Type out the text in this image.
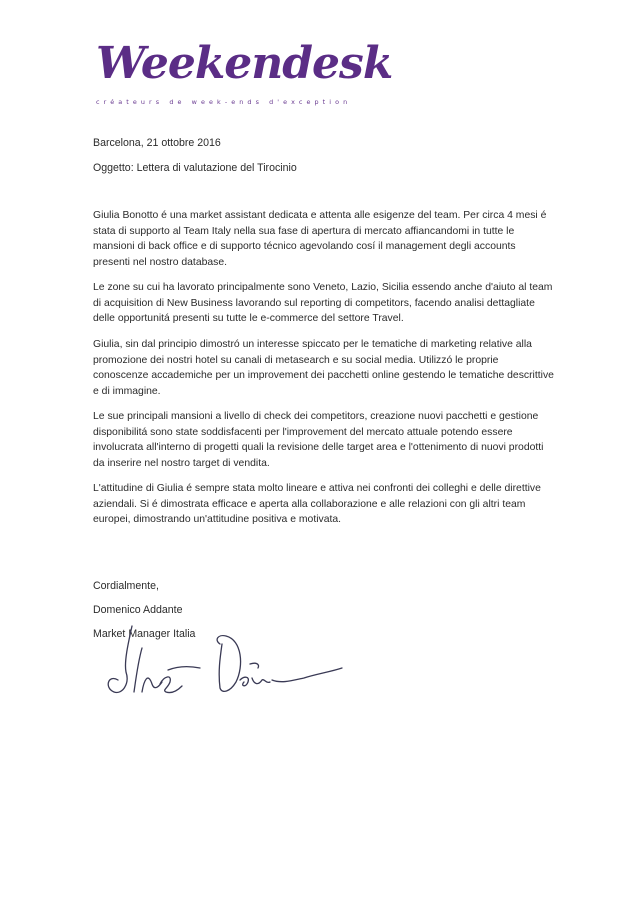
Weekendesk
créateurs de week-ends d'exception
Barcelona, 21 ottobre 2016
Oggetto: Lettera di valutazione del Tirocinio

Giulia Bonotto é una market assistant dedicata e attenta alle esigenze del team. Per circa 4 mesi é stata di supporto al Team Italy nella sua fase di apertura di mercato affiancandomi in tutte le mansioni di back office e di supporto técnico agevolando cosí il management degli accounts presenti nel nostro database.

Le zone su cui ha lavorato principalmente sono Veneto, Lazio, Sicilia essendo anche d'aiuto al team di acquisition di New Business lavorando sul reporting di competitors, facendo analisi dettagliate delle opportunitá presenti su tutte le e-commerce del settore Travel.

Giulia, sin dal principio dimostró un interesse spiccato per le tematiche di marketing relative alla promozione dei nostri hotel su canali di metasearch e su social media. Utilizzó le proprie conoscenze accademiche per un improvement dei pacchetti online gestendo le tematiche descrittive e di immagine.

Le sue principali mansioni a livello di check dei competitors, creazione nuovi pacchetti e gestione disponibilitá sono state soddisfacenti per l'improvement del mercato attuale potendo essere involucrata all'interno di progetti quali la revisione delle target area e l'ottenimento di nuovi prodotti da inserire nel nostro target di vendita.

L'attitudine di Giulia é sempre stata molto lineare e attiva nei confronti dei colleghi e delle direttive aziendali. Si é dimostrata efficace e aperta alla collaborazione e alle relazioni con gli altri team europei, dimostrando un'attitudine positiva e motivata.

Cordialmente,
Domenico Addante
Market Manager Italia
